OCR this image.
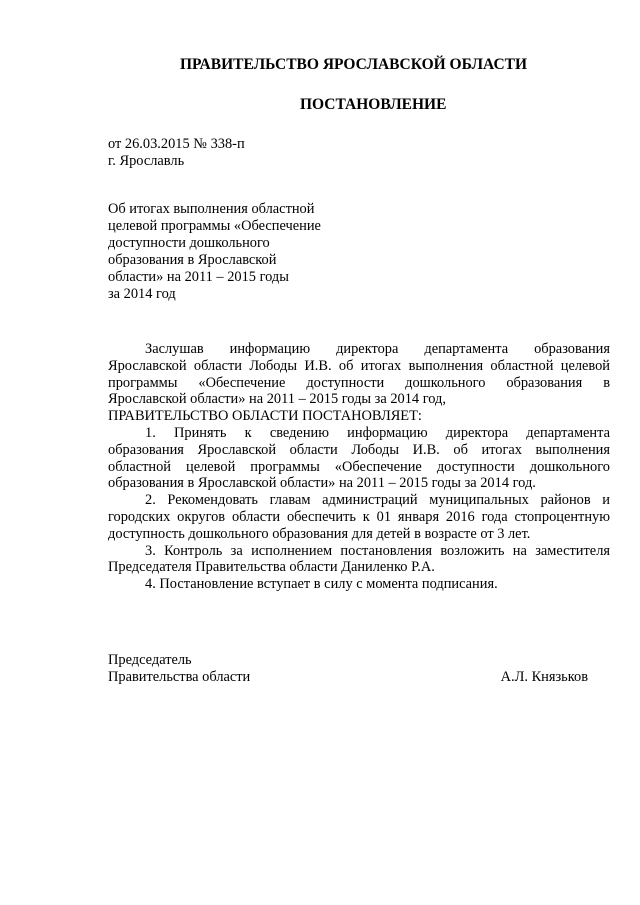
ПРАВИТЕЛЬСТВО ЯРОСЛАВСКОЙ ОБЛАСТИ
ПОСТАНОВЛЕНИЕ
от 26.03.2015 № 338-п
г. Ярославль
Об итогах выполнения областной
целевой программы «Обеспечение
доступности дошкольного
образования в Ярославской
области» на 2011 – 2015 годы
за 2014 год
Заслушав информацию директора департамента образования
Ярославской области Лободы И.В. об итогах выполнения областной целевой
программы «Обеспечение доступности дошкольного образования в
Ярославской области» на 2011 – 2015 годы за 2014 год,
ПРАВИТЕЛЬСТВО ОБЛАСТИ ПОСТАНОВЛЯЕТ:
1. Принять к сведению информацию директора департамента
образования Ярославской области Лободы И.В. об итогах выполнения
областной целевой программы «Обеспечение доступности дошкольного
образования в Ярославской области» на 2011 – 2015 годы за 2014 год.
2. Рекомендовать главам администраций муниципальных районов и
городских округов области обеспечить к 01 января 2016 года стопроцентную
доступность дошкольного образования для детей в возрасте от 3 лет.
3. Контроль за исполнением постановления возложить на заместителя
Председателя Правительства области Даниленко Р.А.
4. Постановление вступает в силу с момента подписания.
Председатель
Правительства области	А.Л. Князьков
